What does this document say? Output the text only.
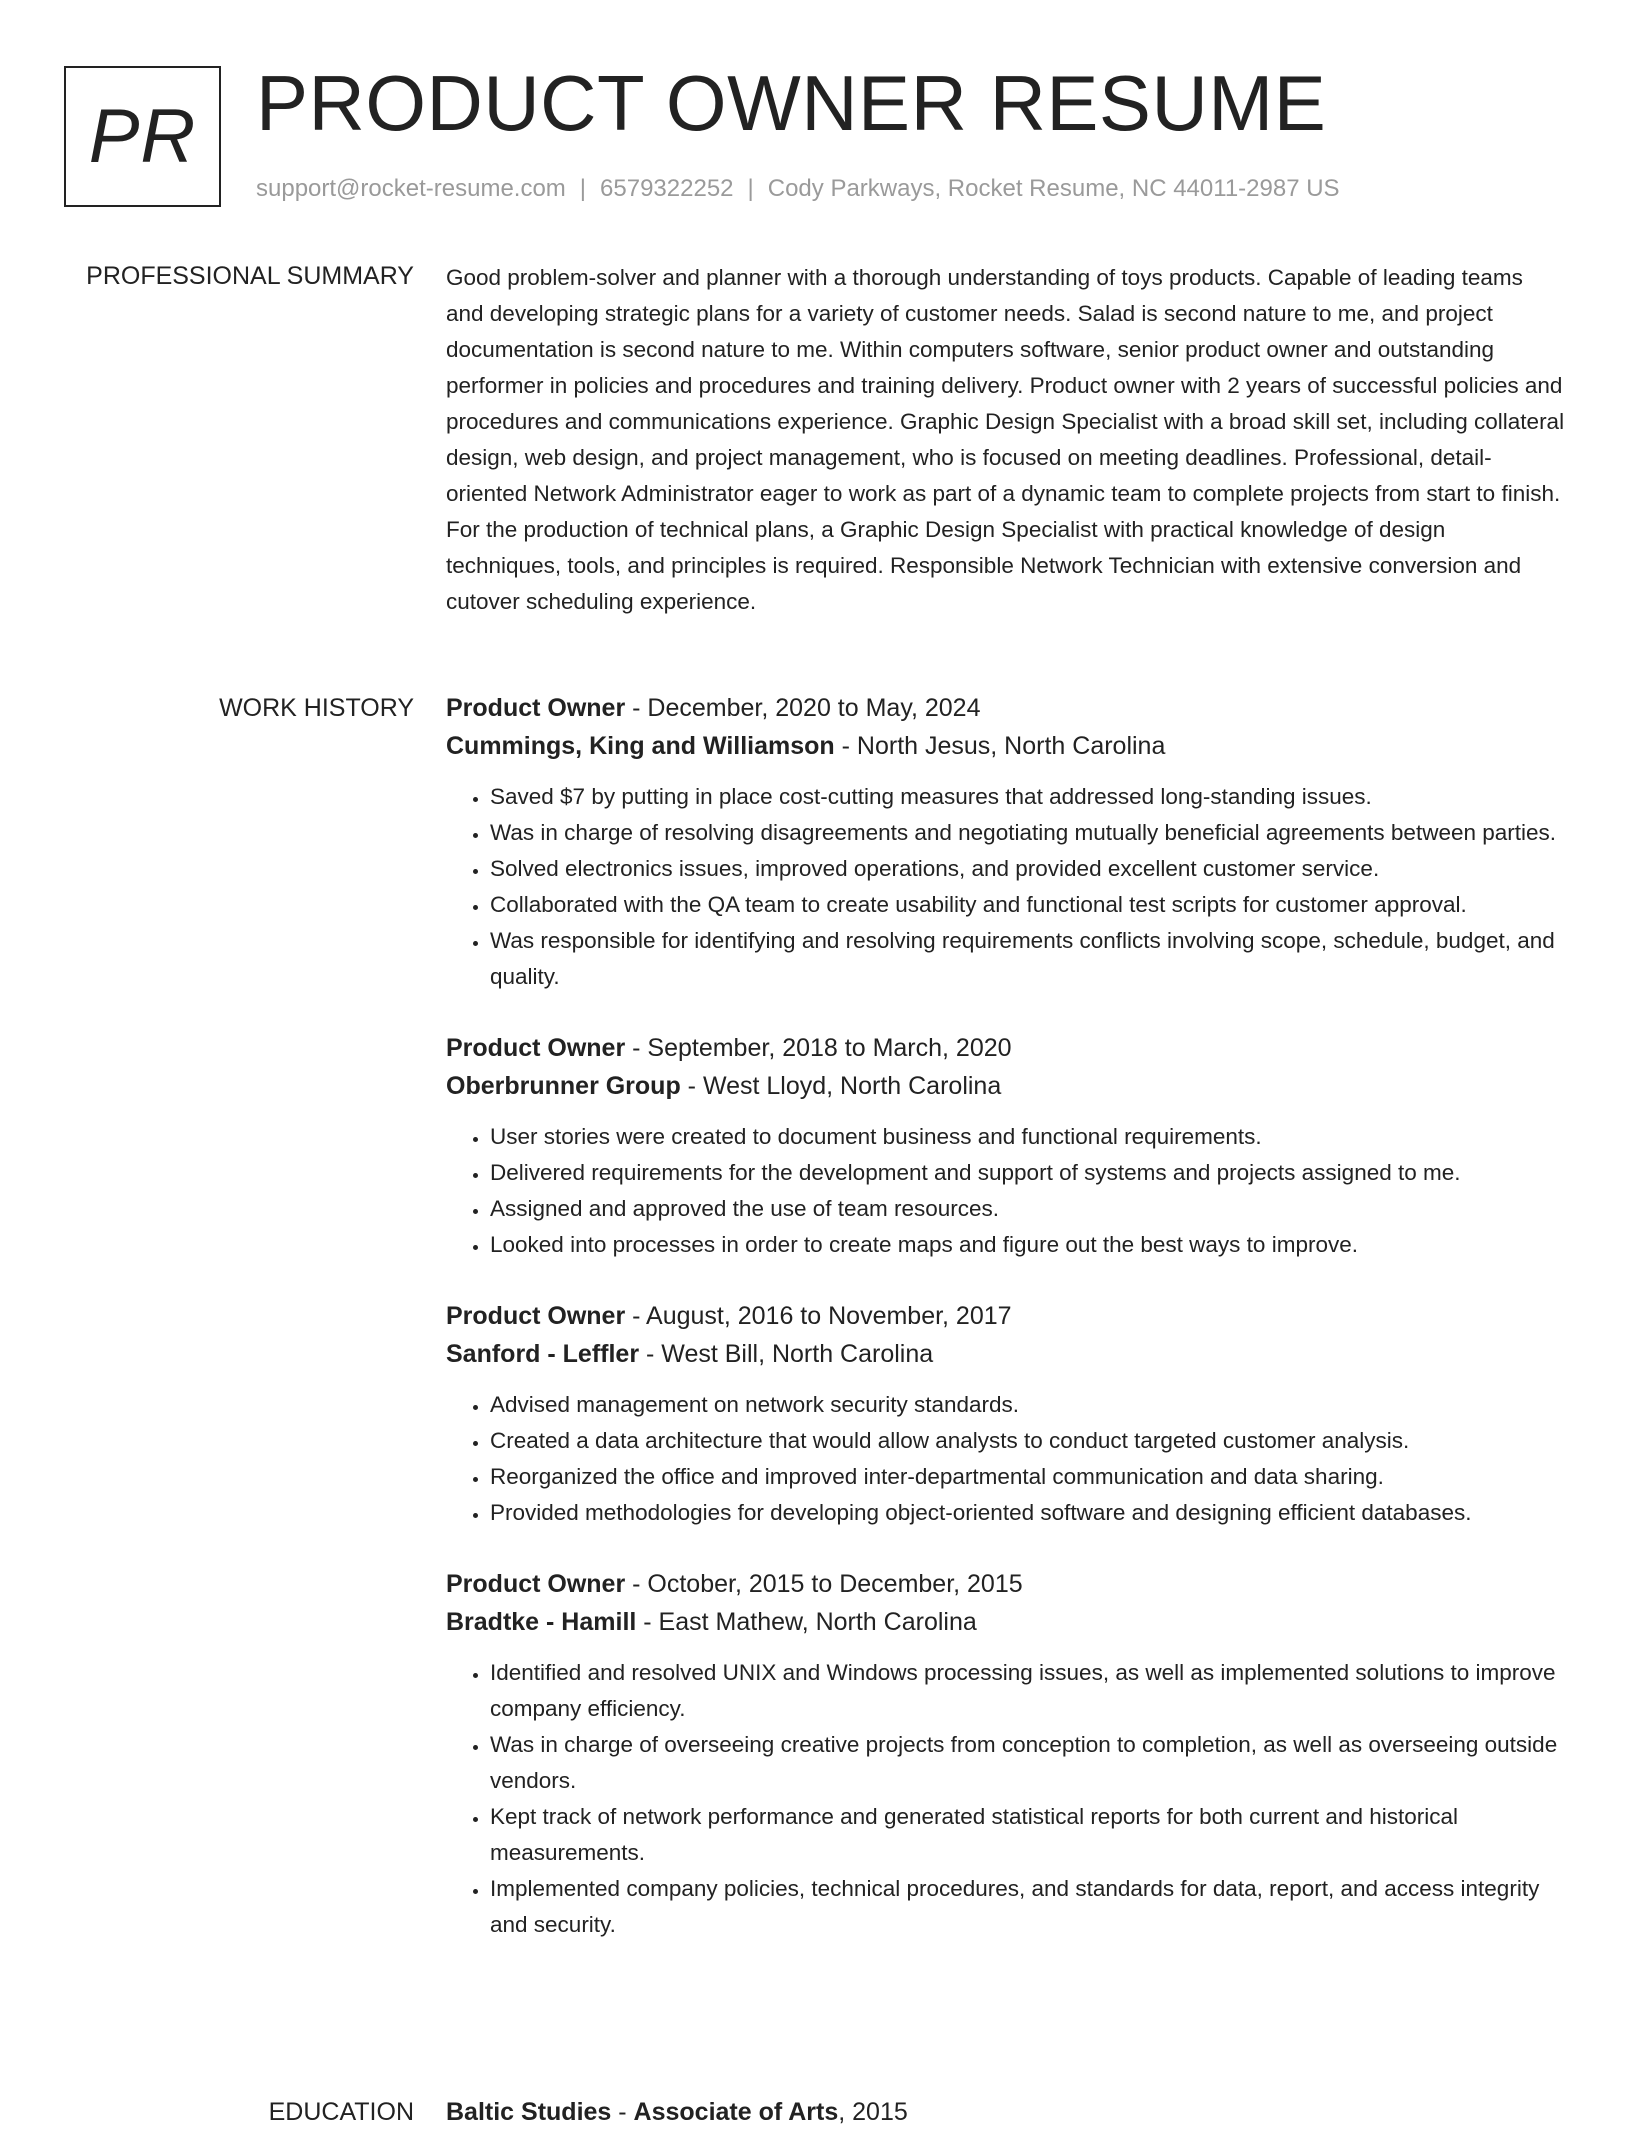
PR PRODUCT OWNER RESUME
support@rocket-resume.com | 6579322252 | Cody Parkways, Rocket Resume, NC 44011-2987 US
PROFESSIONAL SUMMARY Good problem-solver and planner with a thorough understanding of toys products. Capable of leading teams and developing strategic plans for a variety of customer needs. Salad is second nature to me, and project documentation is second nature to me. Within computers software, senior product owner and outstanding performer in policies and procedures and training delivery. Product owner with 2 years of successful policies and procedures and communications experience. Graphic Design Specialist with a broad skill set, including collateral design, web design, and project management, who is focused on meeting deadlines. Professional, detail-oriented Network Administrator eager to work as part of a dynamic team to complete projects from start to finish. For the production of technical plans, a Graphic Design Specialist with practical knowledge of design techniques, tools, and principles is required. Responsible Network Technician with extensive conversion and cutover scheduling experience.

WORK HISTORY Product Owner - December, 2020 to May, 2024
Cummings, King and Williamson - North Jesus, North Carolina
• Saved $7 by putting in place cost-cutting measures that addressed long-standing issues.
• Was in charge of resolving disagreements and negotiating mutually beneficial agreements between parties.
• Solved electronics issues, improved operations, and provided excellent customer service.
• Collaborated with the QA team to create usability and functional test scripts for customer approval.
• Was responsible for identifying and resolving requirements conflicts involving scope, schedule, budget, and quality.
Product Owner - September, 2018 to March, 2020
Oberbrunner Group - West Lloyd, North Carolina
• User stories were created to document business and functional requirements.
• Delivered requirements for the development and support of systems and projects assigned to me.
• Assigned and approved the use of team resources.
• Looked into processes in order to create maps and figure out the best ways to improve.
Product Owner - August, 2016 to November, 2017
Sanford - Leffler - West Bill, North Carolina
• Advised management on network security standards.
• Created a data architecture that would allow analysts to conduct targeted customer analysis.
• Reorganized the office and improved inter-departmental communication and data sharing.
• Provided methodologies for developing object-oriented software and designing efficient databases.
Product Owner - October, 2015 to December, 2015
Bradtke - Hamill - East Mathew, North Carolina
• Identified and resolved UNIX and Windows processing issues, as well as implemented solutions to improve company efficiency.
• Was in charge of overseeing creative projects from conception to completion, as well as overseeing outside vendors.
• Kept track of network performance and generated statistical reports for both current and historical measurements.
• Implemented company policies, technical procedures, and standards for data, report, and access integrity and security.
EDUCATION Baltic Studies - Associate of Arts, 2015
